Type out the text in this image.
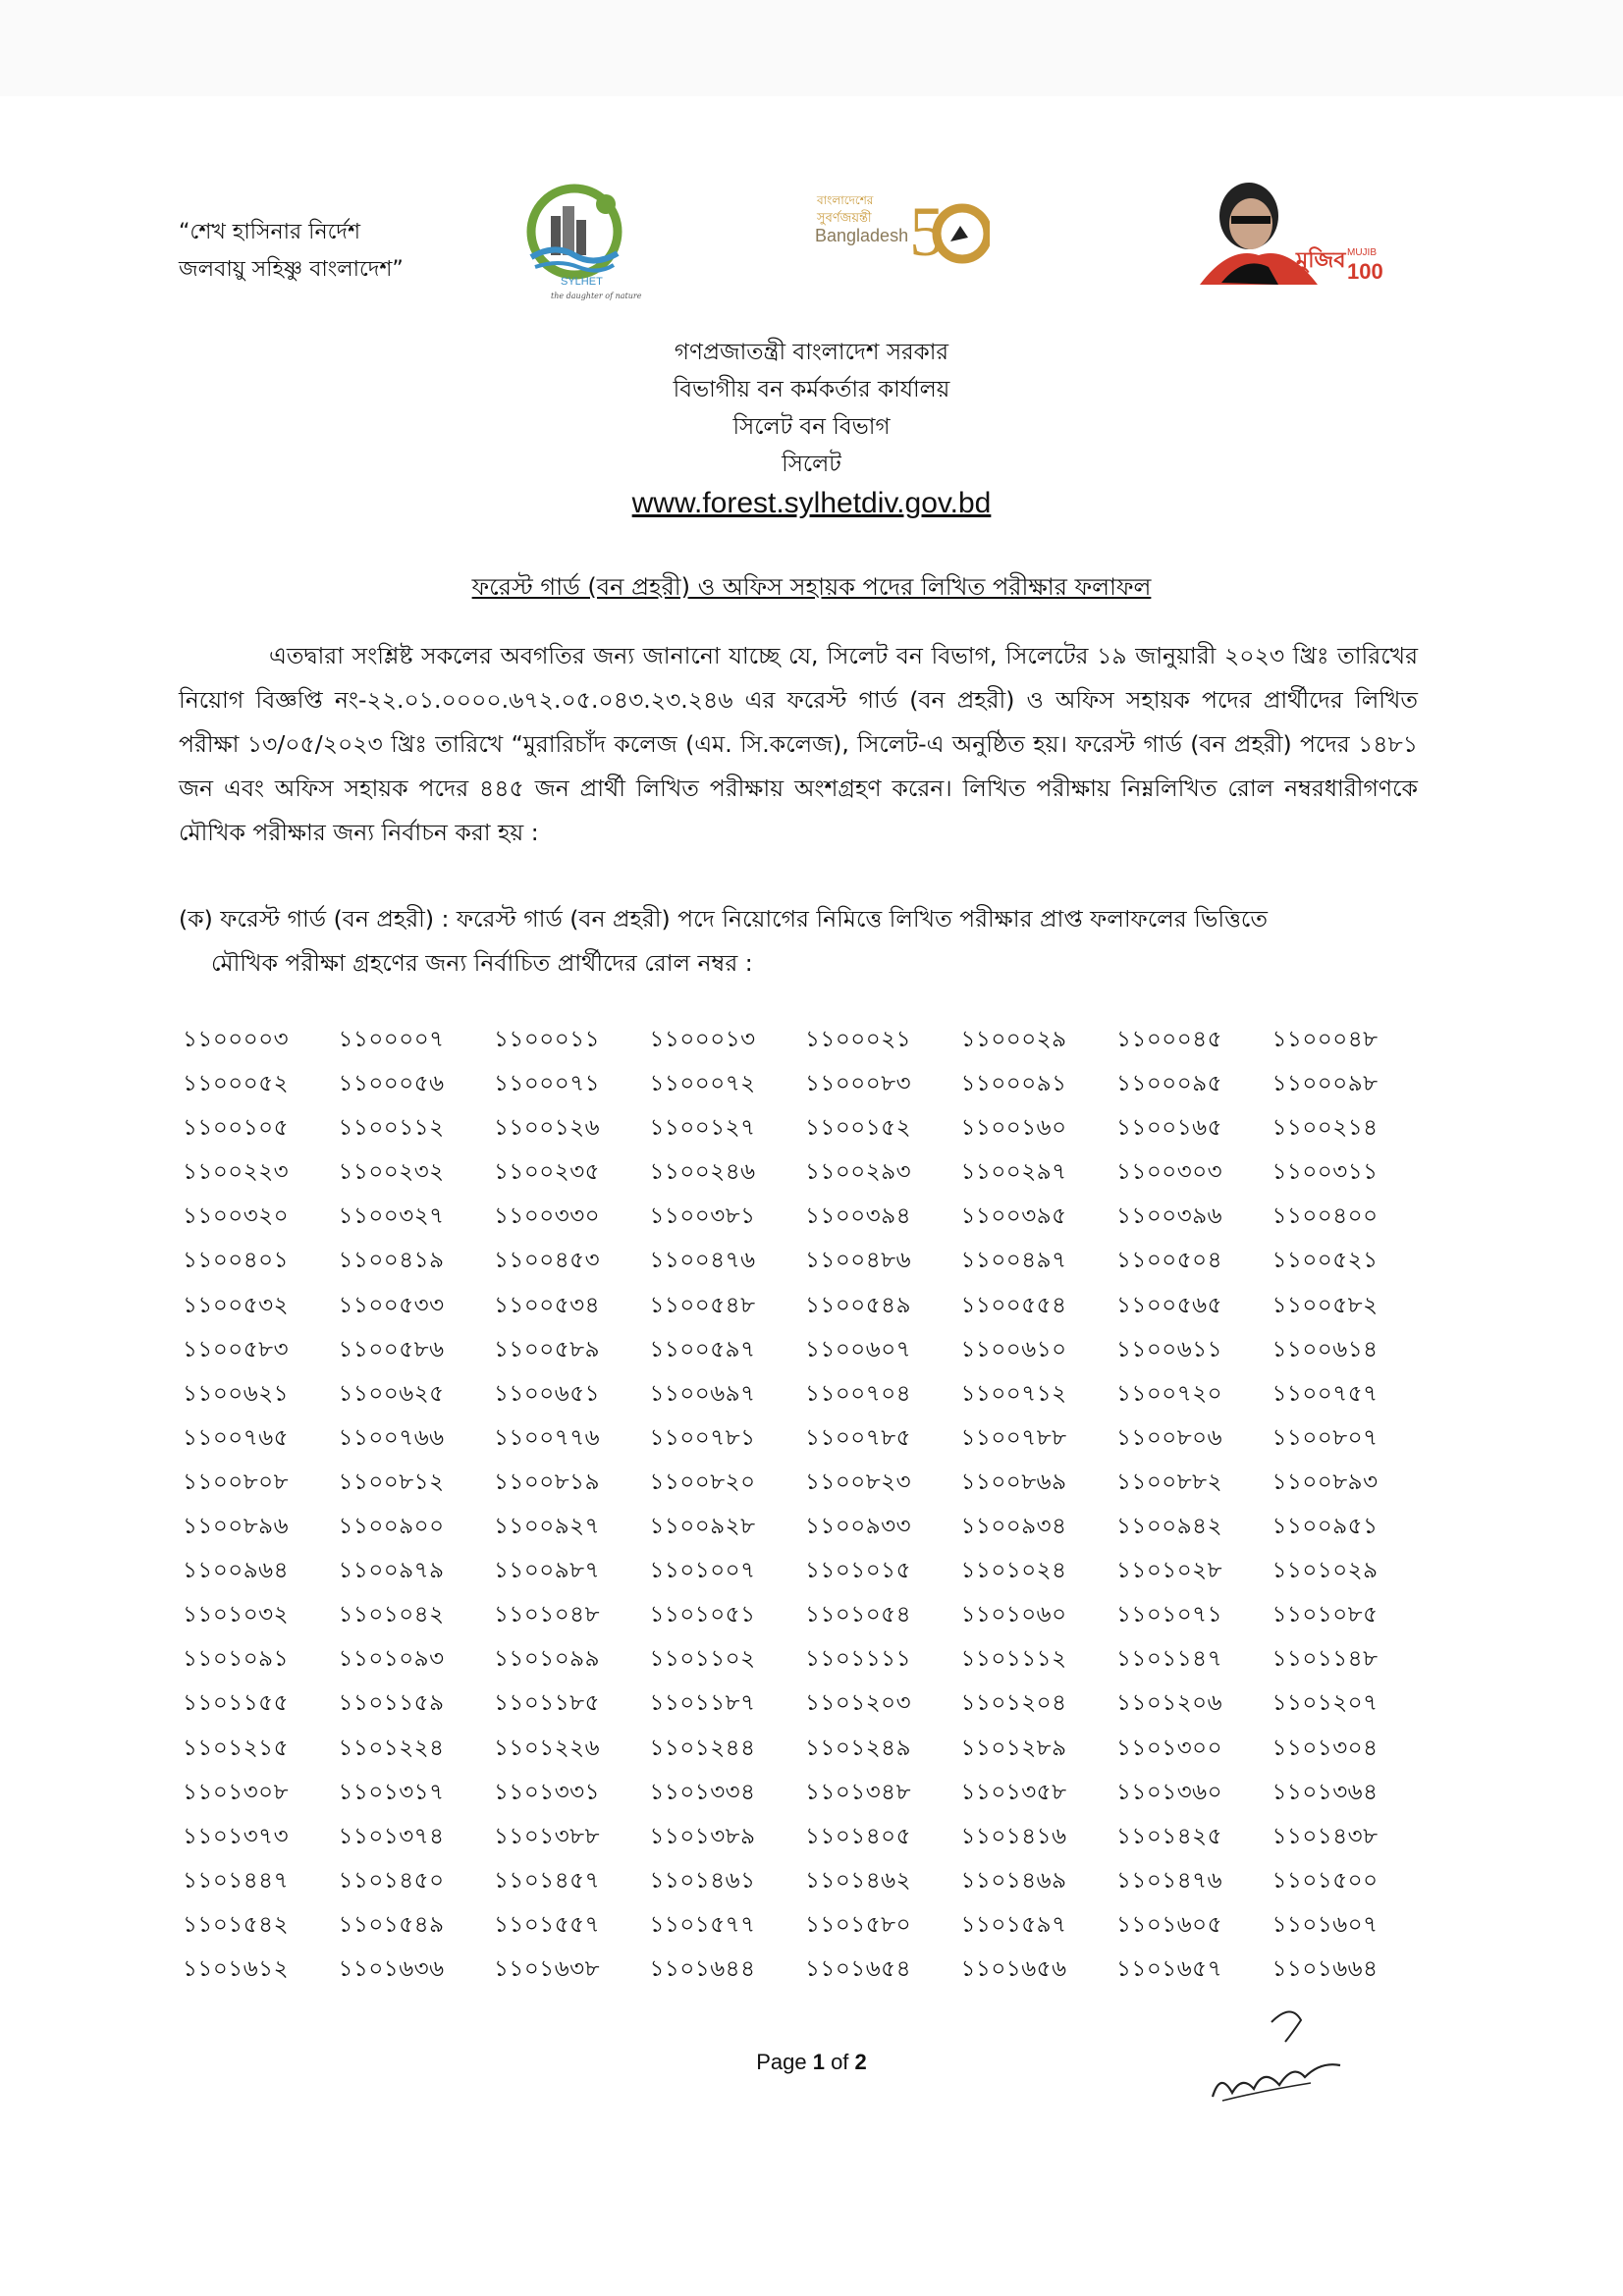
“শেখ হাসিনার নির্দেশ
জলবায়ু সহিষ্ণু বাংলাদেশ”	SYLHET
the daughter of nature
বাংলাদেশের
সুবর্ণজয়ন্তী
Bangladesh 5	মুজিব MUJIB
100
গণপ্রজাতন্ত্রী বাংলাদেশ সরকার
বিভাগীয় বন কর্মকর্তার কার্যালয়
সিলেট বন বিভাগ
সিলেট
www.forest.sylhetdiv.gov.bd
ফরেস্ট গার্ড (বন প্রহরী) ও অফিস সহায়ক পদের লিখিত পরীক্ষার ফলাফল
এতদ্বারা সংশ্লিষ্ট সকলের অবগতির জন্য জানানো যাচ্ছে যে, সিলেট বন বিভাগ, সিলেটের ১৯ জানুয়ারী ২০২৩ খ্রিঃ তারিখের নিয়োগ বিজ্ঞপ্তি নং-২২.০১.০০০০.৬৭২.০৫.০৪৩.২৩.২৪৬ এর ফরেস্ট গার্ড (বন প্রহরী) ও অফিস সহায়ক পদের প্রার্থীদের লিখিত পরীক্ষা ১৩/০৫/২০২৩ খ্রিঃ তারিখে “মুরারিচাঁদ কলেজ (এম. সি.কলেজ), সিলেট-এ অনুষ্ঠিত হয়। ফরেস্ট গার্ড (বন প্রহরী) পদের ১৪৮১ জন এবং অফিস সহায়ক পদের ৪৪৫ জন প্রার্থী লিখিত পরীক্ষায় অংশগ্রহণ করেন। লিখিত পরীক্ষায় নিম্নলিখিত রোল নম্বরধারীগণকে মৌখিক পরীক্ষার জন্য নির্বাচন করা হয় :
(ক) ফরেস্ট গার্ড (বন প্রহরী) : ফরেস্ট গার্ড (বন প্রহরী) পদে নিয়োগের নিমিত্তে লিখিত পরীক্ষার প্রাপ্ত ফলাফলের ভিত্তিতে
মৌখিক পরীক্ষা গ্রহণের জন্য নির্বাচিত প্রার্থীদের রোল নম্বর :
১১০০০০৩	১১০০০০৭	১১০০০১১	১১০০০১৩	১১০০০২১	১১০০০২৯	১১০০০৪৫	১১০০০৪৮
১১০০০৫২	১১০০০৫৬	১১০০০৭১	১১০০০৭২	১১০০০৮৩	১১০০০৯১	১১০০০৯৫	১১০০০৯৮
১১০০১০৫	১১০০১১২	১১০০১২৬	১১০০১২৭	১১০০১৫২	১১০০১৬০	১১০০১৬৫	১১০০২১৪
১১০০২২৩	১১০০২৩২	১১০০২৩৫	১১০০২৪৬	১১০০২৯৩	১১০০২৯৭	১১০০৩০৩	১১০০৩১১
১১০০৩২০	১১০০৩২৭	১১০০৩৩০	১১০০৩৮১	১১০০৩৯৪	১১০০৩৯৫	১১০০৩৯৬	১১০০৪০০
১১০০৪০১	১১০০৪১৯	১১০০৪৫৩	১১০০৪৭৬	১১০০৪৮৬	১১০০৪৯৭	১১০০৫০৪	১১০০৫২১
১১০০৫৩২	১১০০৫৩৩	১১০০৫৩৪	১১০০৫৪৮	১১০০৫৪৯	১১০০৫৫৪	১১০০৫৬৫	১১০০৫৮২
১১০০৫৮৩	১১০০৫৮৬	১১০০৫৮৯	১১০০৫৯৭	১১০০৬০৭	১১০০৬১০	১১০০৬১১	১১০০৬১৪
১১০০৬২১	১১০০৬২৫	১১০০৬৫১	১১০০৬৯৭	১১০০৭০৪	১১০০৭১২	১১০০৭২০	১১০০৭৫৭
১১০০৭৬৫	১১০০৭৬৬	১১০০৭৭৬	১১০০৭৮১	১১০০৭৮৫	১১০০৭৮৮	১১০০৮০৬	১১০০৮০৭
১১০০৮০৮	১১০০৮১২	১১০০৮১৯	১১০০৮২০	১১০০৮২৩	১১০০৮৬৯	১১০০৮৮২	১১০০৮৯৩
১১০০৮৯৬	১১০০৯০০	১১০০৯২৭	১১০০৯২৮	১১০০৯৩৩	১১০০৯৩৪	১১০০৯৪২	১১০০৯৫১
১১০০৯৬৪	১১০০৯৭৯	১১০০৯৮৭	১১০১০০৭	১১০১০১৫	১১০১০২৪	১১০১০২৮	১১০১০২৯
১১০১০৩২	১১০১০৪২	১১০১০৪৮	১১০১০৫১	১১০১০৫৪	১১০১০৬০	১১০১০৭১	১১০১০৮৫
১১০১০৯১	১১০১০৯৩	১১০১০৯৯	১১০১১০২	১১০১১১১	১১০১১১২	১১০১১৪৭	১১০১১৪৮
১১০১১৫৫	১১০১১৫৯	১১০১১৮৫	১১০১১৮৭	১১০১২০৩	১১০১২০৪	১১০১২০৬	১১০১২০৭
১১০১২১৫	১১০১২২৪	১১০১২২৬	১১০১২৪৪	১১০১২৪৯	১১০১২৮৯	১১০১৩০০	১১০১৩০৪
১১০১৩০৮	১১০১৩১৭	১১০১৩৩১	১১০১৩৩৪	১১০১৩৪৮	১১০১৩৫৮	১১০১৩৬০	১১০১৩৬৪
১১০১৩৭৩	১১০১৩৭৪	১১০১৩৮৮	১১০১৩৮৯	১১০১৪০৫	১১০১৪১৬	১১০১৪২৫	১১০১৪৩৮
১১০১৪৪৭	১১০১৪৫০	১১০১৪৫৭	১১০১৪৬১	১১০১৪৬২	১১০১৪৬৯	১১০১৪৭৬	১১০১৫০০
১১০১৫৪২	১১০১৫৪৯	১১০১৫৫৭	১১০১৫৭৭	১১০১৫৮০	১১০১৫৯৭	১১০১৬০৫	১১০১৬০৭
১১০১৬১২	১১০১৬৩৬	১১০১৬৩৮	১১০১৬৪৪	১১০১৬৫৪	১১০১৬৫৬	১১০১৬৫৭	১১০১৬৬৪
Page 1 of 2
